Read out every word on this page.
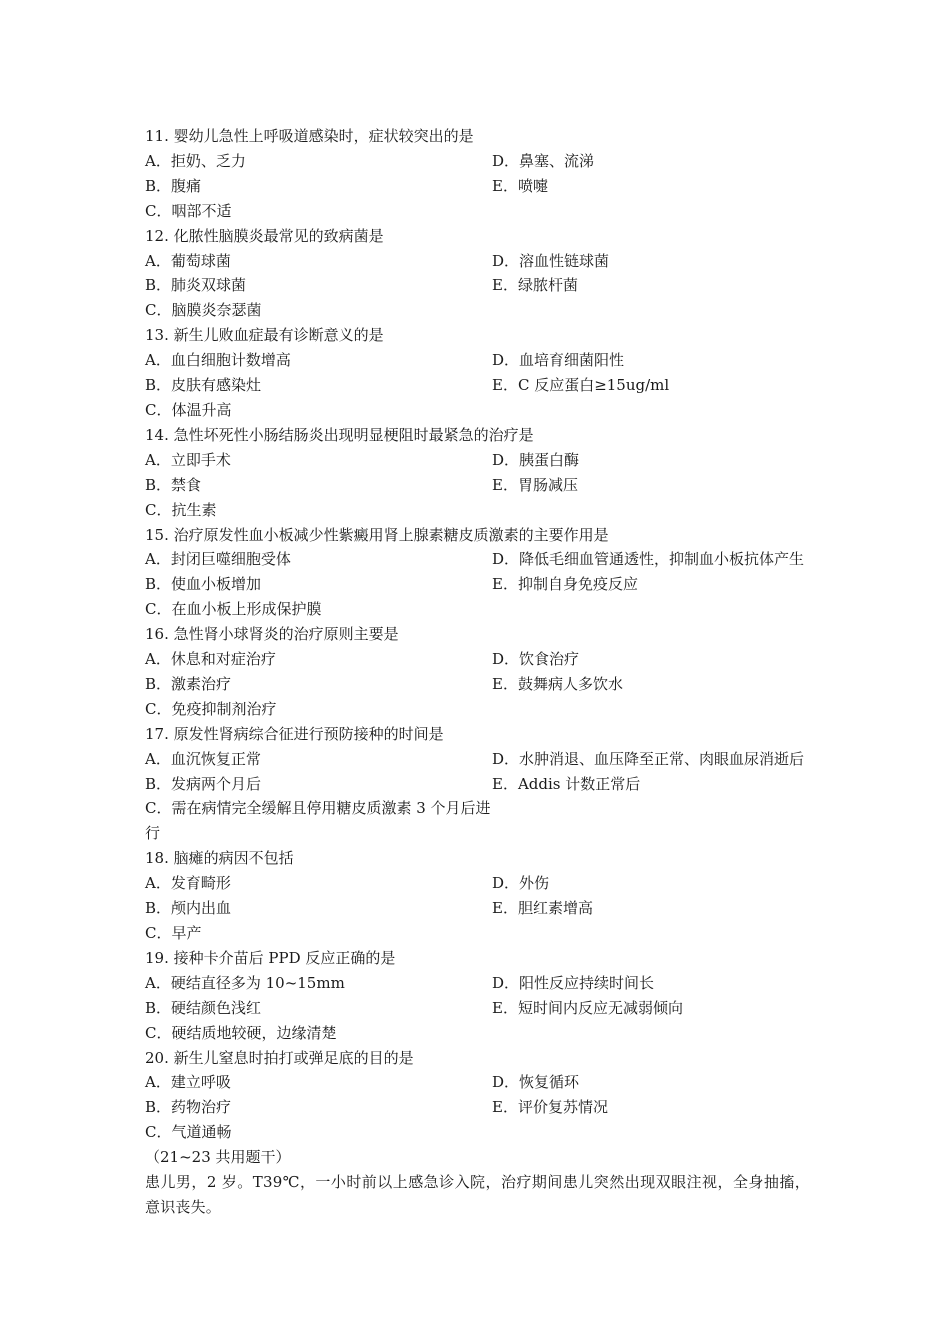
11. 婴幼儿急性上呼吸道感染时，症状较突出的是

A．拒奶、乏力

B．腹痛

C．咽部不适

D．鼻塞、流涕

E．喷嚏

12. 化脓性脑膜炎最常见的致病菌是

A．葡萄球菌

B．肺炎双球菌

C．脑膜炎奈瑟菌

D．溶血性链球菌

E．绿脓杆菌

13. 新生儿败血症最有诊断意义的是

A．血白细胞计数增高

B．皮肤有感染灶

C．体温升高

D．血培育细菌阳性

E．C 反应蛋白≥15ug/ml

14. 急性坏死性小肠结肠炎出现明显梗阻时最紧急的治疗是

A．立即手术

B．禁食

C．抗生素

D．胰蛋白酶

E．胃肠减压

15. 治疗原发性血小板减少性紫癜用肾上腺素糖皮质激素的主要作用是

A．封闭巨噬细胞受体

B．使血小板增加

C．在血小板上形成保护膜

D．降低毛细血管通透性，抑制血小板抗体产生

E．抑制自身免疫反应

16. 急性肾小球肾炎的治疗原则主要是

A．休息和对症治疗

B．激素治疗

C．免疫抑制剂治疗

D．饮食治疗

E．鼓舞病人多饮水

17. 原发性肾病综合征进行预防接种的时间是

A．血沉恢复正常

B．发病两个月后

C．需在病情完全缓解且停用糖皮质激素 3 个月后进行

D．水肿消退、血压降至正常、肉眼血尿消逝后

E．Addis 计数正常后

18. 脑瘫的病因不包括

A．发育畸形

B．颅内出血

C．早产

D．外伤

E．胆红素增高

19. 接种卡介苗后 PPD 反应正确的是

A．硬结直径多为 10~15mm

B．硬结颜色浅红

C．硬结质地较硬，边缘清楚

D．阳性反应持续时间长

E．短时间内反应无减弱倾向

20. 新生儿窒息时拍打或弹足底的目的是

A．建立呼吸

B．药物治疗

C．气道通畅

D．恢复循环

E．评价复苏情况

（21~23 共用题干）

患儿男，2 岁。T39℃，一小时前以上感急诊入院，治疗期间患儿突然出现双眼注视，全身抽搐，意识丧失。
